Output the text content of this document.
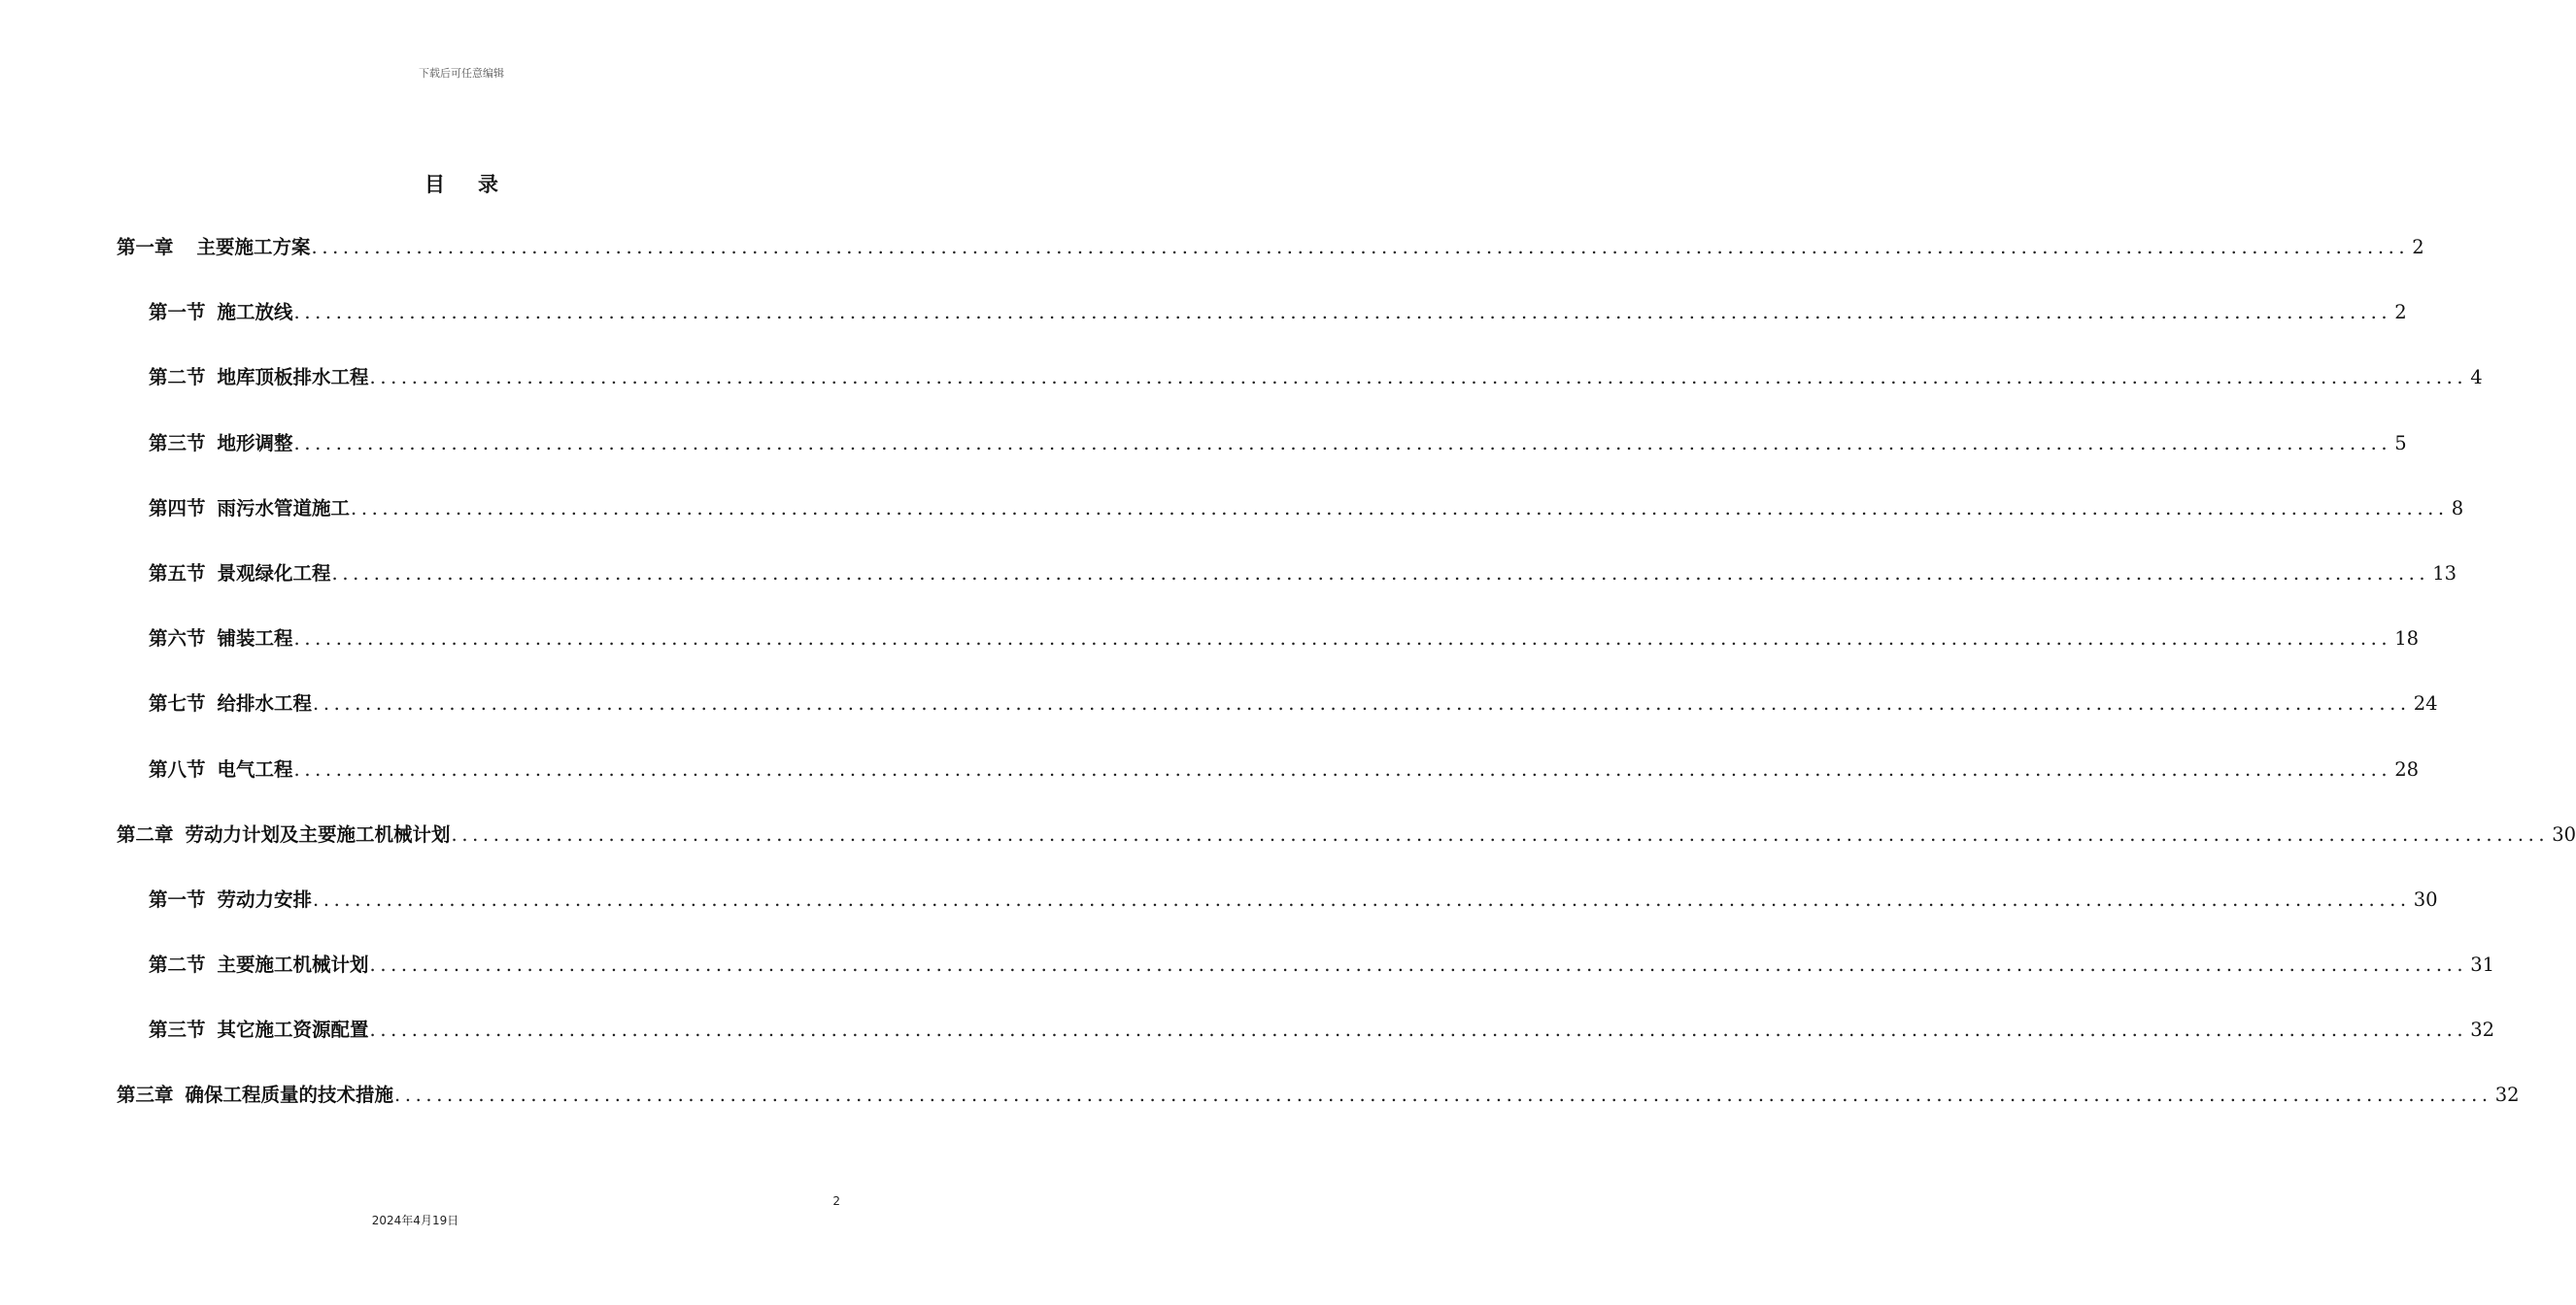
下载后可任意编辑
目 录
第一章 主要施工方案 ........................................................................................................................................................................................................ 2
第一节 施工放线 ........................................................................................................................................................................................................ 2
第二节 地库顶板排水工程 ........................................................................................................................................................................................................ 4
第三节 地形调整 ........................................................................................................................................................................................................ 5
第四节 雨污水管道施工 ........................................................................................................................................................................................................ 8
第五节 景观绿化工程 ........................................................................................................................................................................................................ 13
第六节 铺装工程 ........................................................................................................................................................................................................ 18
第七节 给排水工程 ........................................................................................................................................................................................................ 24
第八节 电气工程 ........................................................................................................................................................................................................ 28
第二章 劳动力计划及主要施工机械计划 ........................................................................................................................................................................................................ 30
第一节 劳动力安排 ........................................................................................................................................................................................................ 30
第二节 主要施工机械计划 ........................................................................................................................................................................................................ 31
第三节 其它施工资源配置 ........................................................................................................................................................................................................ 32
第三章 确保工程质量的技术措施 ........................................................................................................................................................................................................ 32
2
2024年4月19日
